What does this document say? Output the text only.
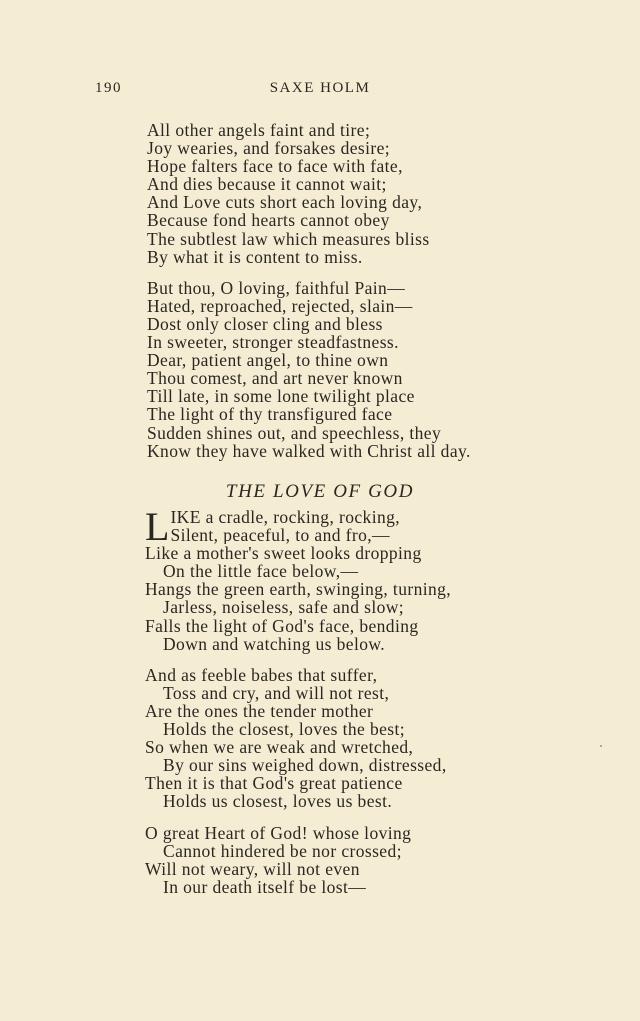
190	SAXE HOLM
All other angels faint and tire;
Joy wearies, and forsakes desire;
Hope falters face to face with fate,
And dies because it cannot wait;
And Love cuts short each loving day,
Because fond hearts cannot obey
The subtlest law which measures bliss
By what it is content to miss.
But thou, O loving, faithful Pain—
Hated, reproached, rejected, slain—
Dost only closer cling and bless
In sweeter, stronger steadfastness.
Dear, patient angel, to thine own
Thou comest, and art never known
Till late, in some lone twilight place
The light of thy transfigured face
Sudden shines out, and speechless, they
Know they have walked with Christ all day.
THE LOVE OF GOD
L IKE a cradle, rocking, rocking,
Silent, peaceful, to and fro,—
Like a mother's sweet looks dropping
On the little face below,—
Hangs the green earth, swinging, turning,
Jarless, noiseless, safe and slow;
Falls the light of God's face, bending
Down and watching us below.
And as feeble babes that suffer,
Toss and cry, and will not rest,
Are the ones the tender mother
Holds the closest, loves the best;
So when we are weak and wretched,
By our sins weighed down, distressed,
Then it is that God's great patience
Holds us closest, loves us best.
O great Heart of God! whose loving
Cannot hindered be nor crossed;
Will not weary, will not even
In our death itself be lost—
